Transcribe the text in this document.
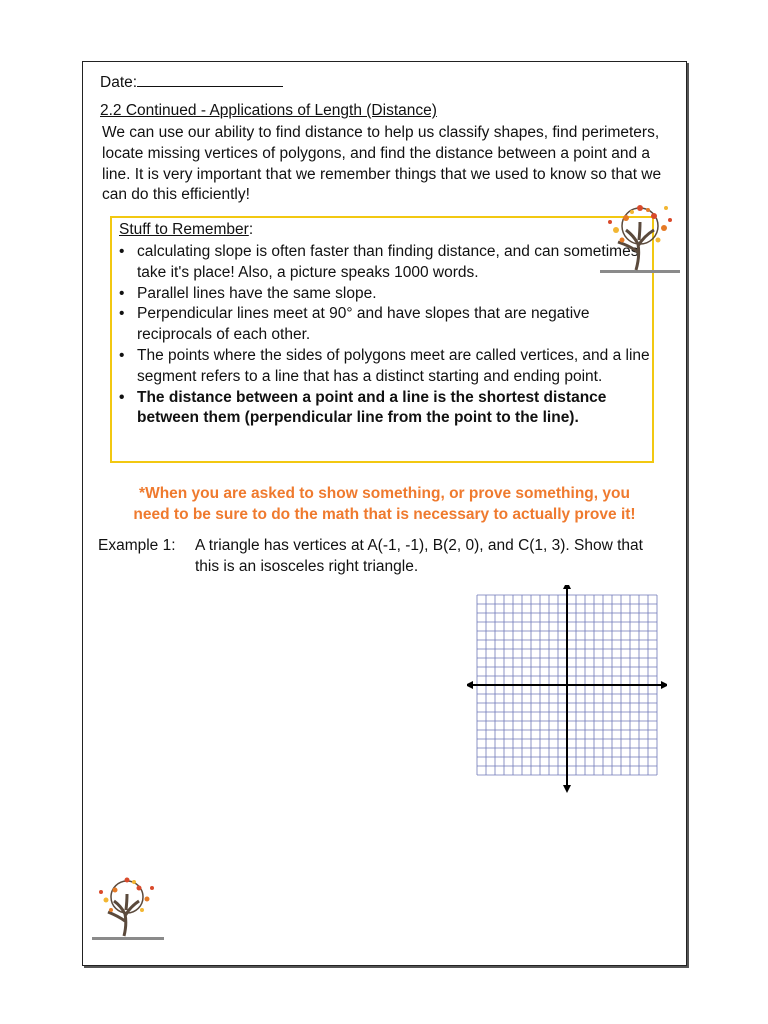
Date:
2.2 Continued - Applications of Length (Distance)
We can use our ability to find distance to help us classify shapes, find perimeters, locate missing vertices of polygons, and find the distance between a point and a line. It is very important that we remember things that we used to know so that we can do this efficiently!
Stuff to Remember:
• calculating slope is often faster than finding distance, and can sometimes take it's place! Also, a picture speaks 1000 words.
• Parallel lines have the same slope.
• Perpendicular lines meet at 90° and have slopes that are negative reciprocals of each other.
• The points where the sides of polygons meet are called vertices, and a line segment refers to a line that has a distinct starting and ending point.
• The distance between a point and a line is the shortest distance between them (perpendicular line from the point to the line).
*When you are asked to show something, or prove something, you
need to be sure to do the math that is necessary to actually prove it!
Example 1: A triangle has vertices at A(-1, -1), B(2, 0), and C(1, 3). Show that this is an isosceles right triangle.
